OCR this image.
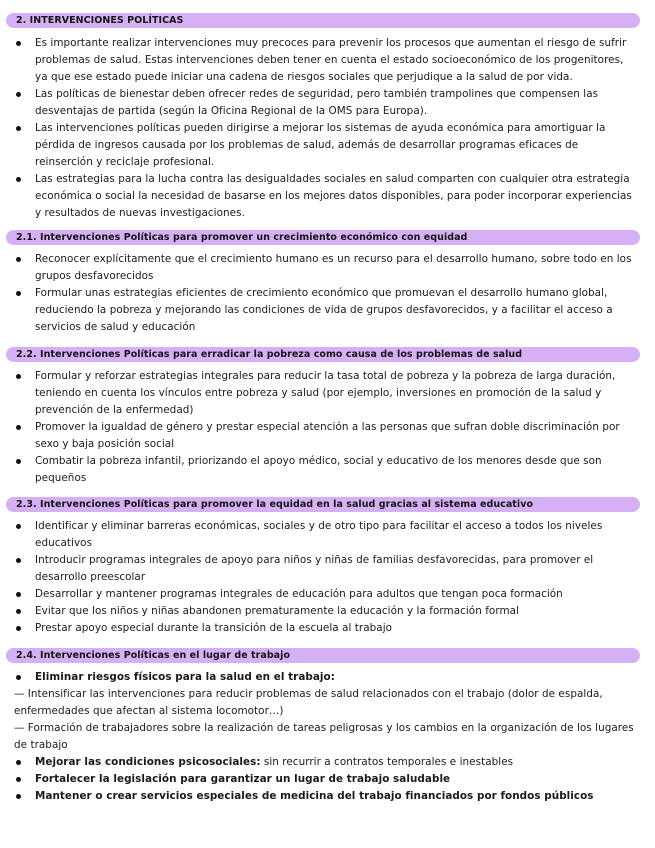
2. INTERVENCIONES POLÍTICAS
Es importante realizar intervenciones muy precoces para prevenir los procesos que aumentan el riesgo de sufrir problemas de salud. Estas intervenciones deben tener en cuenta el estado socioeconómico de los progenitores, ya que ese estado puede iniciar una cadena de riesgos sociales que perjudique a la salud de por vida.
Las políticas de bienestar deben ofrecer redes de seguridad, pero también trampolines que compensen las desventajas de partida (según la Oficina Regional de la OMS para Europa).
Las intervenciones políticas pueden dirigirse a mejorar los sistemas de ayuda económica para amortiguar la pérdida de ingresos causada por los problemas de salud, además de desarrollar programas eficaces de reinserción y reciclaje profesional.
Las estrategias para la lucha contra las desigualdades sociales en salud comparten con cualquier otra estrategia económica o social la necesidad de basarse en los mejores datos disponibles, para poder incorporar experiencias y resultados de nuevas investigaciones.
2.1. Intervenciones Políticas para promover un crecimiento económico con equidad
Reconocer explícitamente que el crecimiento humano es un recurso para el desarrollo humano, sobre todo en los grupos desfavorecidos
Formular unas estrategias eficientes de crecimiento económico que promuevan el desarrollo humano global, reduciendo la pobreza y mejorando las condiciones de vida de grupos desfavorecidos, y a facilitar el acceso a servicios de salud y educación
2.2. Intervenciones Políticas para erradicar la pobreza como causa de los problemas de salud
Formular y reforzar estrategias integrales para reducir la tasa total de pobreza y la pobreza de larga duración, teniendo en cuenta los vínculos entre pobreza y salud (por ejemplo, inversiones en promoción de la salud y prevención de la enfermedad)
Promover la igualdad de género y prestar especial atención a las personas que sufran doble discriminación por sexo y baja posición social
Combatir la pobreza infantil, priorizando el apoyo médico, social y educativo de los menores desde que son pequeños
2.3. Intervenciones Políticas para promover la equidad en la salud gracias al sistema educativo
Identificar y eliminar barreras económicas, sociales y de otro tipo para facilitar el acceso a todos los niveles educativos
Introducir programas integrales de apoyo para niños y niñas de familias desfavorecidas, para promover el desarrollo preescolar
Desarrollar y mantener programas integrales de educación para adultos que tengan poca formación
Evitar que los niños y niñas abandonen prematuramente la educación y la formación formal
Prestar apoyo especial durante la transición de la escuela al trabajo
2.4. Intervenciones Políticas en el lugar de trabajo
Eliminar riesgos físicos para la salud en el trabajo:

— Intensificar las intervenciones para reducir problemas de salud relacionados con el trabajo (dolor de espalda, enfermedades que afectan al sistema locomotor…)

— Formación de trabajadores sobre la realización de tareas peligrosas y los cambios en la organización de los lugares de trabajo

Mejorar las condiciones psicosociales: sin recurrir a contratos temporales e inestables
Fortalecer la legislación para garantizar un lugar de trabajo saludable
Mantener o crear servicios especiales de medicina del trabajo financiados por fondos públicos
